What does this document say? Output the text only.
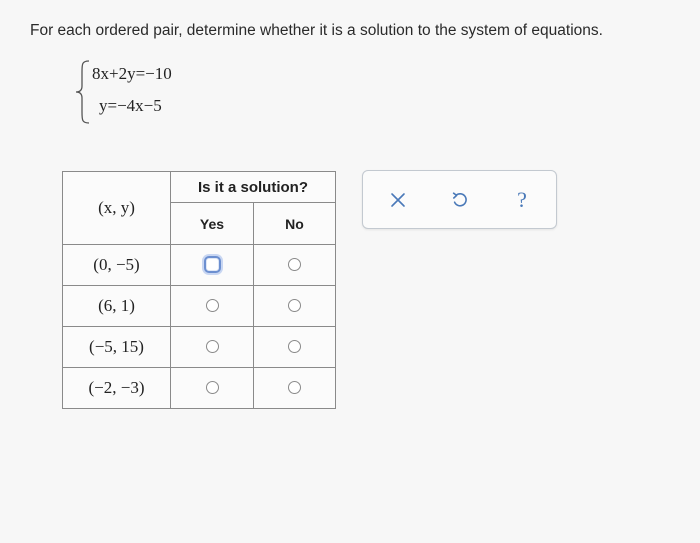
For each ordered pair, determine whether it is a solution to the system of equations.
8x+2y=−10
y=−4x−5
(x, y)	Is it a solution?	
	Yes	No
(0, −5)		
(6, 1)		
(−5, 15)		
(−2, −3)		
?
